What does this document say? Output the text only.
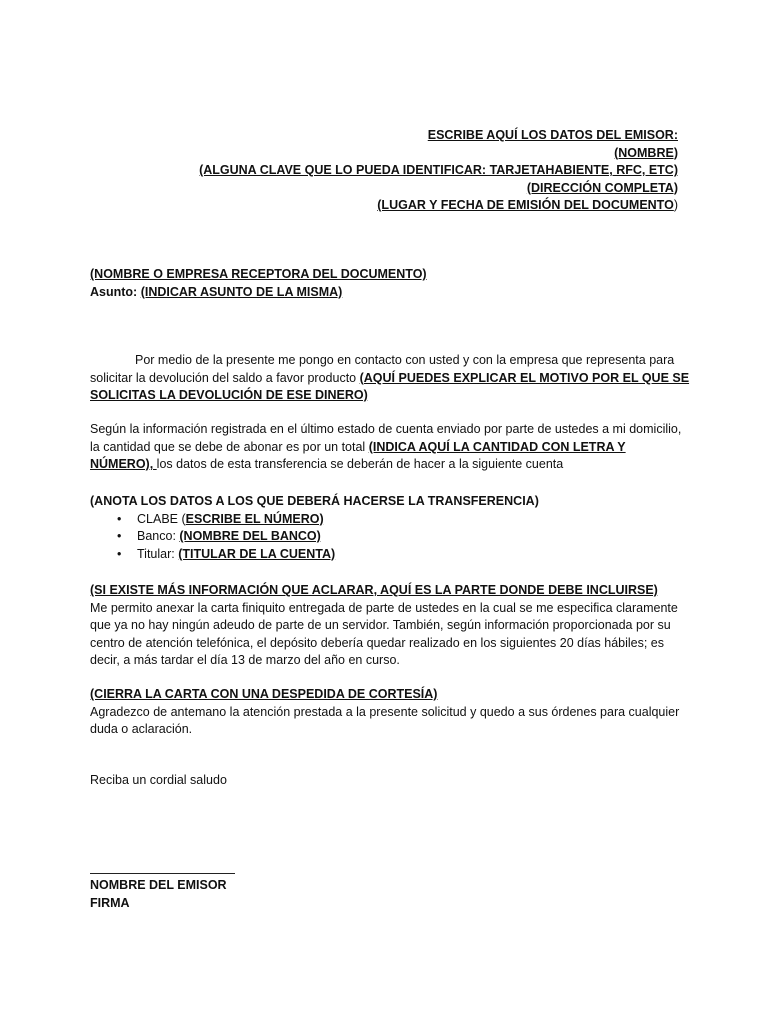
ESCRIBE AQUÍ LOS DATOS DEL EMISOR:
(NOMBRE)
(ALGUNA CLAVE QUE LO PUEDA IDENTIFICAR: TARJETAHABIENTE, RFC, ETC)
(DIRECCIÓN COMPLETA)
(LUGAR Y FECHA DE EMISIÓN DEL DOCUMENTO)
(NOMBRE O EMPRESA RECEPTORA DEL DOCUMENTO)
Asunto: (INDICAR ASUNTO DE LA MISMA)
Por medio de la presente me pongo en contacto con usted y con la empresa que representa para solicitar la devolución del saldo a favor producto (AQUÍ PUEDES EXPLICAR EL MOTIVO POR EL QUE SE SOLICITAS LA DEVOLUCIÓN DE ESE DINERO)
Según la información registrada en el último estado de cuenta enviado por parte de ustedes a mi domicilio, la cantidad que se debe de abonar es por un total (INDICA AQUÍ LA CANTIDAD CON LETRA Y NÚMERO), los datos de esta transferencia se deberán de hacer a la siguiente cuenta
(ANOTA LOS DATOS A LOS QUE DEBERÁ HACERSE LA TRANSFERENCIA)
• CLABE (ESCRIBE EL NÚMERO)
• Banco: (NOMBRE DEL BANCO)
• Titular: (TITULAR DE LA CUENTA)
(SI EXISTE MÁS INFORMACIÓN QUE ACLARAR, AQUÍ ES LA PARTE DONDE DEBE INCLUIRSE)
Me permito anexar la carta finiquito entregada de parte de ustedes en la cual se me especifica claramente que ya no hay ningún adeudo de parte de un servidor. También, según información proporcionada por su centro de atención telefónica, el depósito debería quedar realizado en los siguientes 20 días hábiles; es decir, a más tardar el día 13 de marzo del año en curso.
(CIERRA LA CARTA CON UNA DESPEDIDA DE CORTESÍA)
Agradezco de antemano la atención prestada a la presente solicitud y quedo a sus órdenes para cualquier duda o aclaración.
Reciba un cordial saludo
NOMBRE DEL EMISOR
FIRMA
